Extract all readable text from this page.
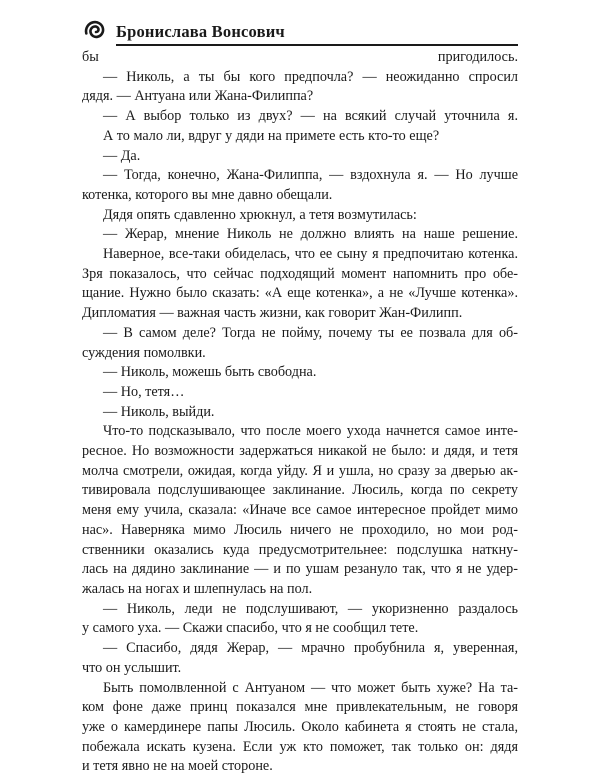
Бронислава Вонсович
бы пригодилось.
— Николь, а ты бы кого предпочла? — неожиданно спросил
дядя. — Антуана или Жана-Филиппа?
— А выбор только из двух? — на всякий случай уточнила я.
А то мало ли, вдруг у дяди на примете есть кто-то еще?
— Да.
— Тогда, конечно, Жана-Филиппа, — вздохнула я. — Но лучше
котенка, которого вы мне давно обещали.
Дядя опять сдавленно хрюкнул, а тетя возмутилась:
— Жерар, мнение Николь не должно влиять на наше решение.
Наверное, все-таки обиделась, что ее сыну я предпочитаю котенка.
Зря показалось, что сейчас подходящий момент напомнить про обе-
щание. Нужно было сказать: «А еще котенка», а не «Лучше котенка».
Дипломатия — важная часть жизни, как говорит Жан-Филипп.
— В самом деле? Тогда не пойму, почему ты ее позвала для об-
суждения помолвки.
— Николь, можешь быть свободна.
— Но, тетя…
— Николь, выйди.
Что-то подсказывало, что после моего ухода начнется самое инте-
ресное. Но возможности задержаться никакой не было: и дядя, и тетя
молча смотрели, ожидая, когда уйду. Я и ушла, но сразу за дверью ак-
тивировала подслушивающее заклинание. Люсиль, когда по секрету
меня ему учила, сказала: «Иначе все самое интересное пройдет мимо
нас». Наверняка мимо Люсиль ничего не проходило, но мои род-
ственники оказались куда предусмотрительнее: подслушка наткну-
лась на дядино заклинание — и по ушам резануло так, что я не удер-
жалась на ногах и шлепнулась на пол.
— Николь, леди не подслушивают, — укоризненно раздалось
у самого уха. — Скажи спасибо, что я не сообщил тете.
— Спасибо, дядя Жерар, — мрачно пробубнила я, уверенная,
что он услышит.
Быть помолвленной с Антуаном — что может быть хуже? На та-
ком фоне даже принц показался мне привлекательным, не говоря
уже о камердинере папы Люсиль. Около кабинета я стоять не стала,
побежала искать кузена. Если уж кто поможет, так только он: дядя
и тетя явно не на моей стороне.
